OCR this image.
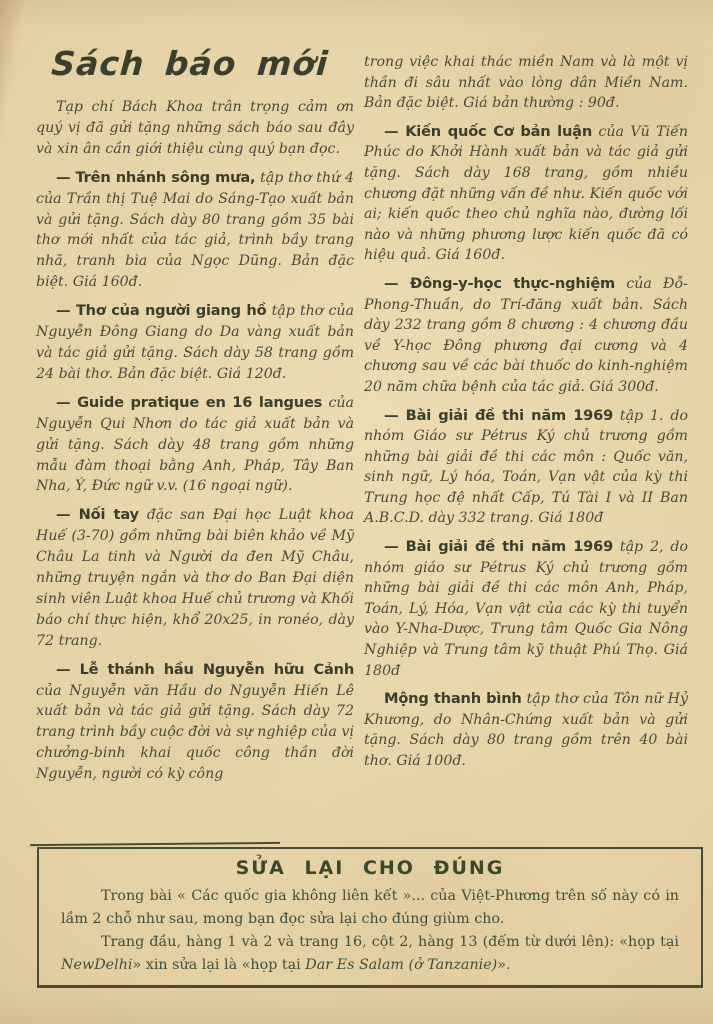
Sách báo mới

Tạp chí Bách Khoa trân trọng cảm ơn quý vị đã gửi tặng những sách báo sau đây và xin ân cần giới thiệu cùng quý bạn đọc.

— Trên nhánh sông mưa, tập thơ thứ 4 của Trần thị Tuệ Mai do Sáng-Tạo xuất bản và gửi tặng. Sách dày 80 trang gồm 35 bài thơ mới nhất của tác giả, trình bầy trang nhã, tranh bìa của Ngọc Dũng. Bản đặc biệt. Giá 160đ.

— Thơ của người giang hồ tập thơ của Nguyễn Đông Giang do Da vàng xuất bản và tác giả gửi tặng. Sách dày 58 trang gồm 24 bài thơ. Bản đặc biệt. Giá 120đ.

— Guide pratique en 16 langues của Nguyễn Qui Nhơn do tác giả xuất bản và gửi tặng. Sách dày 48 trang gồm những mẫu đàm thoại bằng Anh, Pháp, Tây Ban Nha, Ý, Đức ngữ v.v. (16 ngoại ngữ).

— Nối tay đặc san Đại học Luật khoa Huế (3-70) gồm những bài biên khảo về Mỹ Châu La tinh và Người da đen Mỹ Châu, những truyện ngắn và thơ do Ban Đại diện sinh viên Luật khoa Huế chủ trương và Khối báo chí thực hiện, khổ 20x25, in ronéo, dày 72 trang.

— Lễ thánh hầu Nguyễn hữu Cảnh của Nguyễn văn Hầu do Nguyễn Hiến Lê xuất bản và tác giả gửi tặng. Sách dày 72 trang trình bầy cuộc đời và sự nghiệp của vị chưởng-binh khai quốc công thần đời Nguyễn, người có kỳ công

trong việc khai thác miền Nam và là một vị thần đi sâu nhất vào lòng dân Miền Nam. Bản đặc biệt. Giá bản thường : 90đ.

— Kiến quốc Cơ bản luận của Vũ Tiến Phúc do Khởi Hành xuất bản và tác giả gửi tặng. Sách dày 168 trang, gồm nhiều chương đặt những vấn đề như. Kiến quốc với ai; kiến quốc theo chủ nghĩa nào, đường lối nào và những phương lược kiến quốc đã có hiệu quả. Giá 160đ.

— Đông-y-học thực-nghiệm của Đỗ-Phong-Thuần, do Trí-đăng xuất bản. Sách dày 232 trang gồm 8 chương : 4 chương đầu về Y-học Đông phương đại cương và 4 chương sau về các bài thuốc do kinh-nghiệm 20 năm chữa bệnh của tác giả. Giá 300đ.

— Bài giải đề thi năm 1969 tập 1. do nhóm Giáo sư Pétrus Ký chủ trương gồm những bài giải đề thi các môn : Quốc văn, sinh ngữ, Lý hóa, Toán, Vạn vật của kỳ thi Trung học đệ nhất Cấp, Tú Tài I và II Ban A.B.C.D. dày 332 trang. Giá 180đ

— Bài giải đề thi năm 1969 tập 2, do nhóm giáo sư Pétrus Ký chủ trương gồm những bài giải đề thi các môn Anh, Pháp, Toán, Lý, Hóa, Vạn vật của các kỳ thi tuyển vào Y-Nha-Dược, Trung tâm Quốc Gia Nông Nghiệp và Trung tâm kỹ thuật Phú Thọ. Giá 180đ

Mộng thanh bình tập thơ của Tôn nữ Hỷ Khương, do Nhân-Chứng xuất bản và gửi tặng. Sách dày 80 trang gồm trên 40 bài thơ. Giá 100đ.

SỬA LẠI CHO ĐÚNG

Trong bài « Các quốc gia không liên kết »... của Việt-Phương trên số này có in lầm 2 chỗ như sau, mong bạn đọc sửa lại cho đúng giùm cho.

Trang đầu, hàng 1 và 2 và trang 16, cột 2, hàng 13 (đếm từ dưới lên): «họp tại NewDelhi» xin sửa lại là «họp tại Dar Es Salam (ở Tanzanie)».
